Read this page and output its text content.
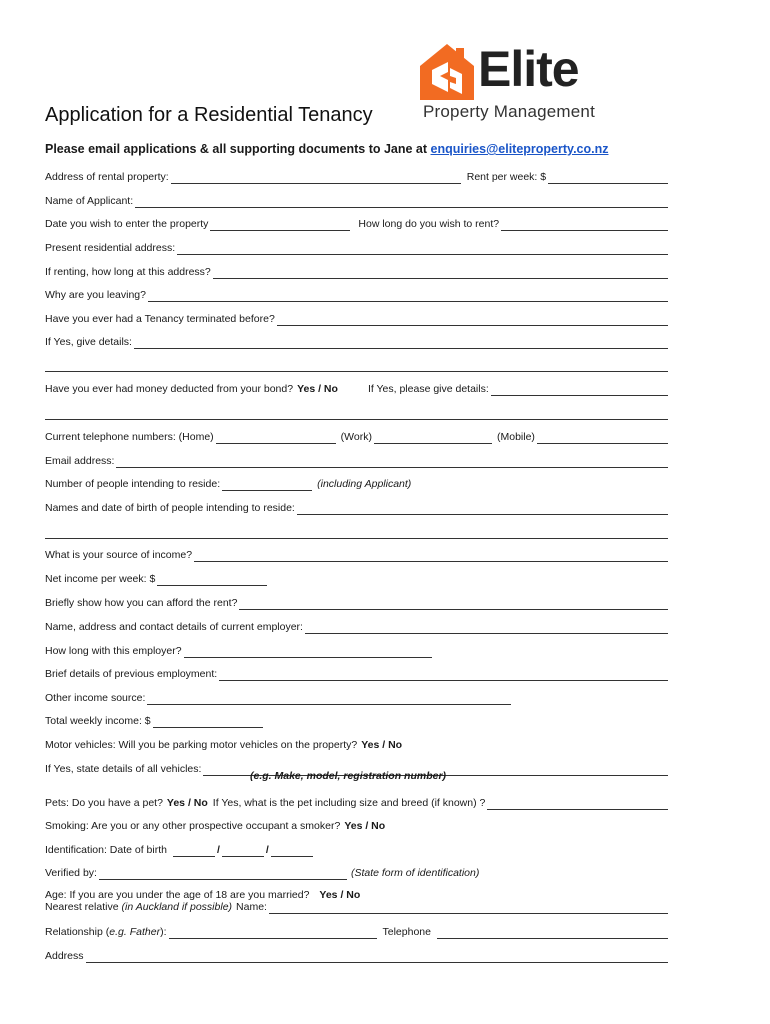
Elite
Property Management
Application for a Residential Tenancy
Please email applications & all supporting documents to Jane at enquiries@eliteproperty.co.nz
Address of rental property:	Rent per week: $
Name of Applicant:
Date you wish to enter the property	How long do you wish to rent?
Present residential address:
If renting, how long at this address?
Why are you leaving?
Have you ever had a Tenancy terminated before?
If Yes, give details:
Have you ever had money deducted from your bond? Yes / No	If Yes, please give details:
Current telephone numbers: (Home)	(Work)	(Mobile)
Email address:
Number of people intending to reside:	(including Applicant)
Names and date of birth of people intending to reside:
What is your source of income?
Net income per week: $
Briefly show how you can afford the rent?
Name, address and contact details of current employer:
How long with this employer?
Brief details of previous employment:
Other income source:
Total weekly income: $
Motor vehicles: Will you be parking motor vehicles on the property? Yes / No
If Yes, state details of all vehicles:
(e.g. Make, model, registration number)
Pets: Do you have a pet? Yes / No If Yes, what is the pet including size and breed (if known) ?
Smoking: Are you or any other prospective occupant a smoker? Yes / No
Identification: Date of birth	/	/
Verified by:	(State form of identification)
Age: If you are you under the age of 18 are you married? Yes / No
Nearest relative (in Auckland if possible) Name:
Relationship ( e.g. Father ):	Telephone
Address
